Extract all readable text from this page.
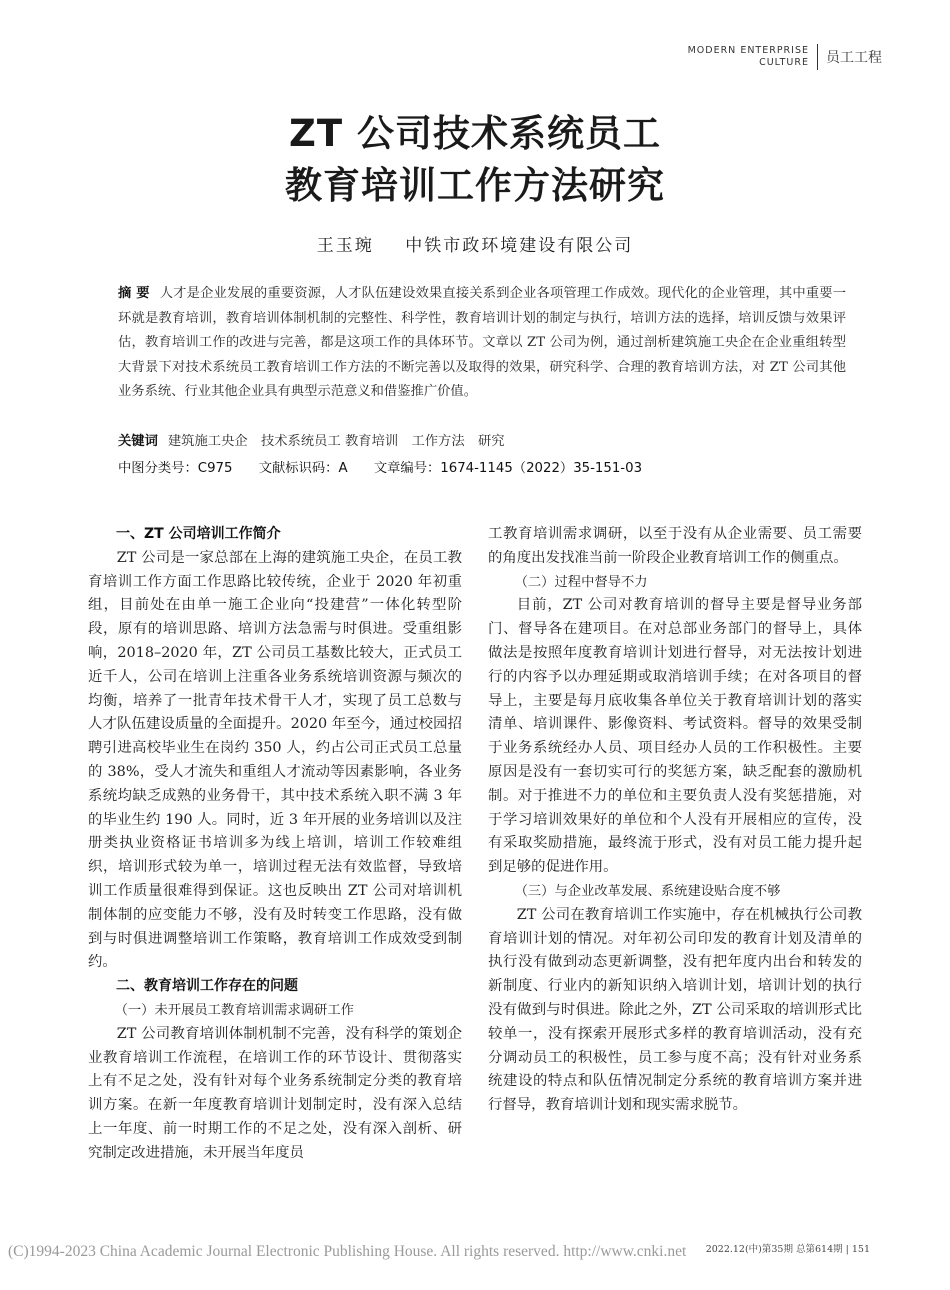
MODERN ENTERPRISE
CULTURE 员工工程
ZT 公司技术系统员工
教育培训工作方法研究
王玉琬 中铁市政环境建设有限公司
摘 要 人才是企业发展的重要资源，人才队伍建设效果直接关系到企业各项管理工作成效。现代化的企业管理，其中重要一环就是教育培训，教育培训体制机制的完整性、科学性，教育培训计划的制定与执行，培训方法的选择，培训反馈与效果评估，教育培训工作的改进与完善，都是这项工作的具体环节。文章以 ZT 公司为例，通过剖析建筑施工央企在企业重组转型大背景下对技术系统员工教育培训工作方法的不断完善以及取得的效果，研究科学、合理的教育培训方法，对 ZT 公司其他业务系统、行业其他企业具有典型示范意义和借鉴推广价值。
关键词 建筑施工央企　技术系统员工 教育培训　工作方法　研究
中图分类号：C975 文献标识码：A 文章编号：1674-1145（2022）35-151-03
一、ZT 公司培训工作简介

ZT 公司是一家总部在上海的建筑施工央企，在员工教育培训工作方面工作思路比较传统，企业于 2020 年初重组，目前处在由单一施工企业向“投建营”一体化转型阶段，原有的培训思路、培训方法急需与时俱进。受重组影响，2018–2020 年，ZT 公司员工基数比较大，正式员工近千人，公司在培训上注重各业务系统培训资源与频次的均衡，培养了一批青年技术骨干人才，实现了员工总数与人才队伍建设质量的全面提升。2020 年至今，通过校园招聘引进高校毕业生在岗约 350 人，约占公司正式员工总量的 38%，受人才流失和重组人才流动等因素影响，各业务系统均缺乏成熟的业务骨干，其中技术系统入职不满 3 年的毕业生约 190 人。同时，近 3 年开展的业务培训以及注册类执业资格证书培训多为线上培训，培训工作较难组织，培训形式较为单一，培训过程无法有效监督，导致培训工作质量很难得到保证。这也反映出 ZT 公司对培训机制体制的应变能力不够，没有及时转变工作思路，没有做到与时俱进调整培训工作策略，教育培训工作成效受到制约。

二、教育培训工作存在的问题
（一）未开展员工教育培训需求调研工作

ZT 公司教育培训体制机制不完善，没有科学的策划企业教育培训工作流程，在培训工作的环节设计、贯彻落实上有不足之处，没有针对每个业务系统制定分类的教育培训方案。在新一年度教育培训计划制定时，没有深入总结上一年度、前一时期工作的不足之处，没有深入剖析、研究制定改进措施，未开展当年度员

工教育培训需求调研，以至于没有从企业需要、员工需要的角度出发找准当前一阶段企业教育培训工作的侧重点。

（二）过程中督导不力

目前，ZT 公司对教育培训的督导主要是督导业务部门、督导各在建项目。在对总部业务部门的督导上，具体做法是按照年度教育培训计划进行督导，对无法按计划进行的内容予以办理延期或取消培训手续；在对各项目的督导上，主要是每月底收集各单位关于教育培训计划的落实清单、培训课件、影像资料、考试资料。督导的效果受制于业务系统经办人员、项目经办人员的工作积极性。主要原因是没有一套切实可行的奖惩方案，缺乏配套的激励机制。对于推进不力的单位和主要负责人没有奖惩措施，对于学习培训效果好的单位和个人没有开展相应的宣传，没有采取奖励措施，最终流于形式，没有对员工能力提升起到足够的促进作用。

（三）与企业改革发展、系统建设贴合度不够

ZT 公司在教育培训工作实施中，存在机械执行公司教育培训计划的情况。对年初公司印发的教育计划及清单的执行没有做到动态更新调整，没有把年度内出台和转发的新制度、行业内的新知识纳入培训计划，培训计划的执行没有做到与时俱进。除此之外，ZT 公司采取的培训形式比较单一，没有探索开展形式多样的教育培训活动，没有充分调动员工的积极性，员工参与度不高；没有针对业务系统建设的特点和队伍情况制定分系统的教育培训方案并进行督导，教育培训计划和现实需求脱节。

2022.12(中)第35期 总第614期 | 151
(C)1994-2023 China Academic Journal Electronic Publishing House. All rights reserved. http://www.cnki.net
